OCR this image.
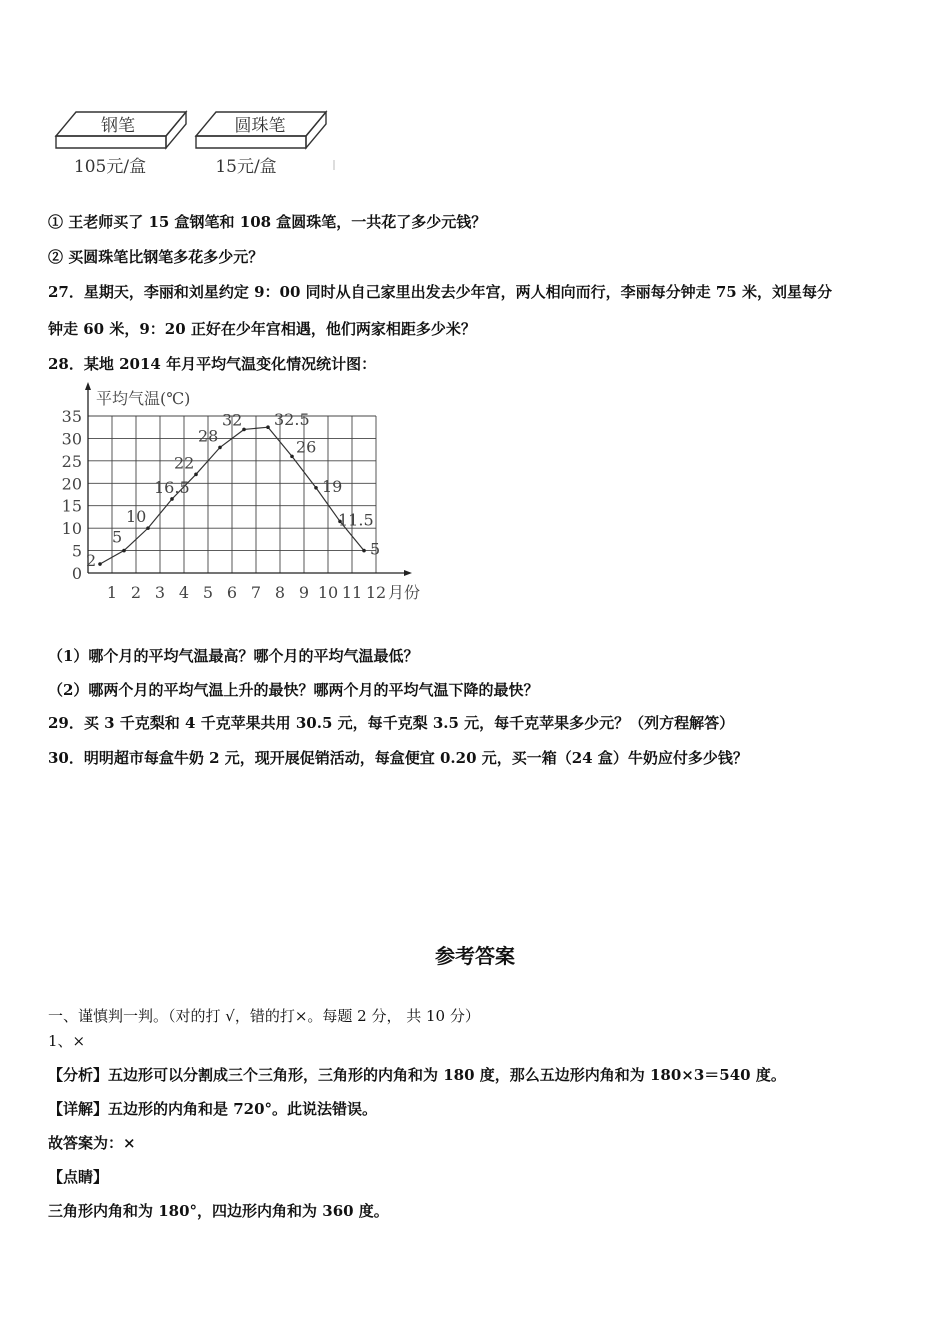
钢笔
105元/盒
圆珠笔
15元/盒
① 王老师买了 15 盒钢笔和 108 盒圆珠笔，一共花了多少元钱？
② 买圆珠笔比钢笔多花多少元？
27．星期天，李丽和刘星约定 9：00 同时从自己家里出发去少年宫，两人相向而行，李丽每分钟走 75 米，刘星每分
钟走 60 米，9：20 正好在少年宫相遇，他们两家相距多少米？
28．某地 2014 年月平均气温变化情况统计图：
平均气温(℃)
0
5
10
15
20
25
30
35
1 2 3 4 5 6 7 8 9 10 11 12 月份
2
5
10
16.5
22
28
32 32.5
26
19
11.5
5
（1）哪个月的平均气温最高？哪个月的平均气温最低？
（2）哪两个月的平均气温上升的最快？哪两个月的平均气温下降的最快？
29．买 3 千克梨和 4 千克苹果共用 30.5 元，每千克梨 3.5 元，每千克苹果多少元？（列方程解答）
30．明明超市每盒牛奶 2 元，现开展促销活动，每盒便宜 0.20 元，买一箱（24 盒）牛奶应付多少钱？
参考答案
一、谨慎判一判。（对的打 √，错的打×。每题 2 分， 共 10 分）
1、×
【分析】五边形可以分割成三个三角形，三角形的内角和为 180 度，那么五边形内角和为 180×3＝540 度。
【详解】五边形的内角和是 720°。此说法错误。
故答案为：×
【点睛】
三角形内角和为 180°，四边形内角和为 360 度。
